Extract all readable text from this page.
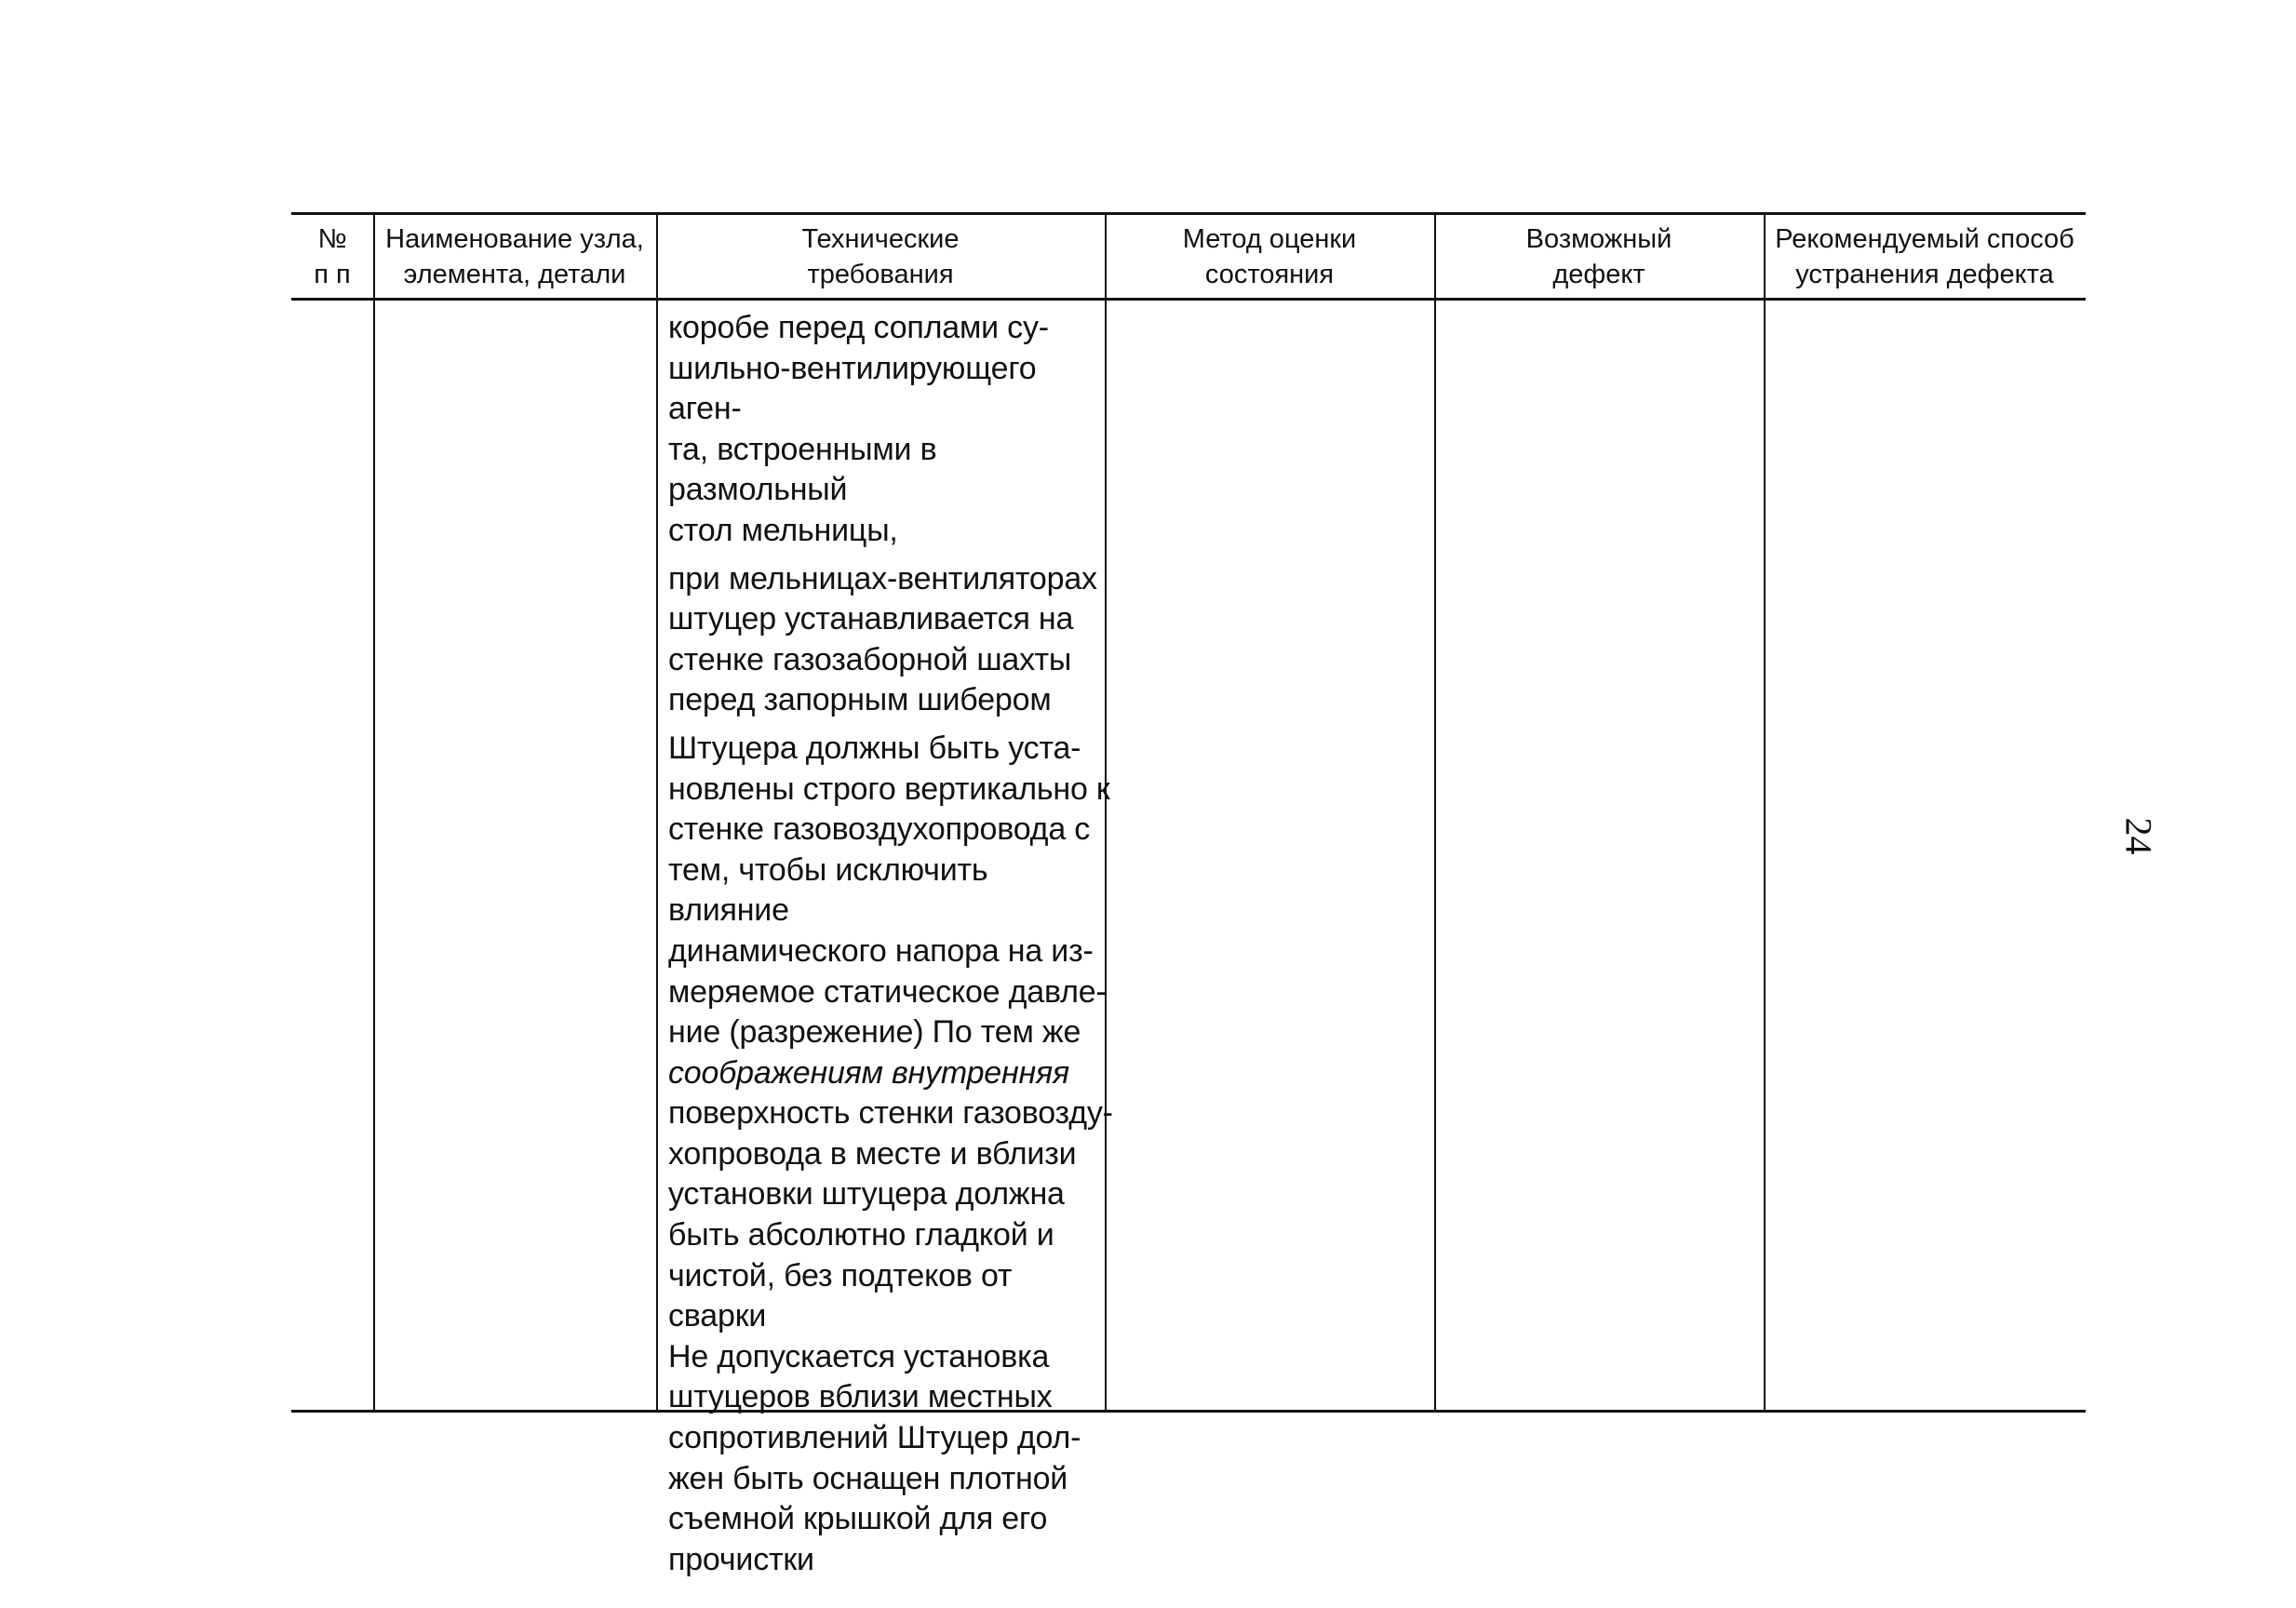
№
п п
Наименование узла,
элемента, детали
Технические
требования
Метод оценки
состояния
Возможный
дефект
Рекомендуемый способ
устранения дефекта
коробе перед соплами су-
шильно-вентилирующего аген-
та, встроенными в размольный
стол мельницы,
при мельницах-вентиляторах
штуцер устанавливается на
стенке газозаборной шахты
перед запорным шибером
Штуцера должны быть уста-
новлены строго вертикально к
стенке газовоздухопровода с
тем, чтобы исключить влияние
динамического напора на из-
меряемое статическое давле-
ние (разрежение) По тем же
соображениям внутренняя
поверхность стенки газовозду-
хопровода в месте и вблизи
установки штуцера должна
быть абсолютно гладкой и
чистой, без подтеков от сварки
Не допускается установка
штуцеров вблизи местных
сопротивлений Штуцер дол-
жен быть оснащен плотной
съемной крышкой для его
прочистки
24
